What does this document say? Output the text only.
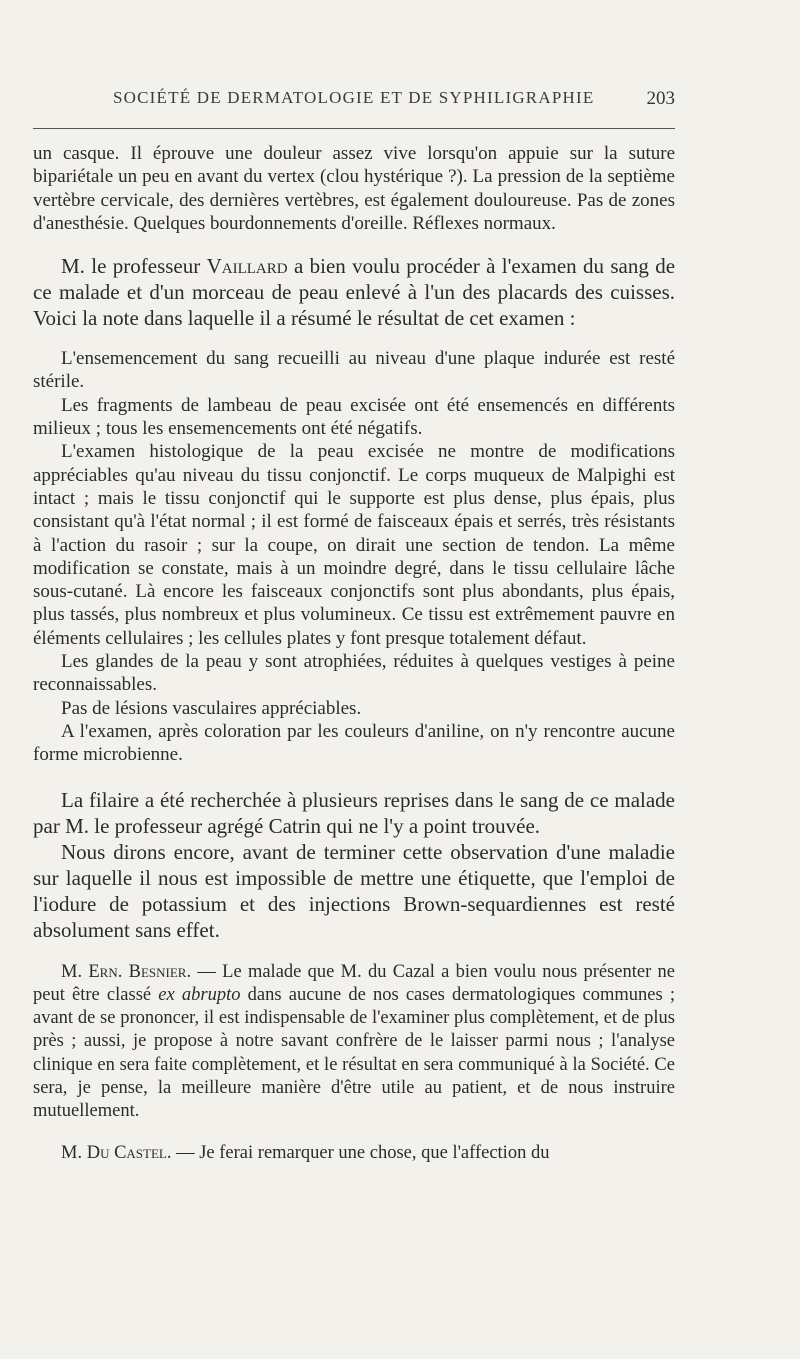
SOCIÉTÉ DE DERMATOLOGIE ET DE SYPHILIGRAPHIE	203

un casque. Il éprouve une douleur assez vive lorsqu'on appuie sur la suture bipariétale un peu en avant du vertex (clou hystérique ?). La pression de la septième vertèbre cervicale, des dernières vertèbres, est également douloureuse. Pas de zones d'anesthésie. Quelques bourdonnements d'oreille. Réflexes normaux.

M. le professeur Vaillard a bien voulu procéder à l'examen du sang de ce malade et d'un morceau de peau enlevé à l'un des placards des cuisses. Voici la note dans laquelle il a résumé le résultat de cet examen :

L'ensemencement du sang recueilli au niveau d'une plaque indurée est resté stérile.

Les fragments de lambeau de peau excisée ont été ensemencés en différents milieux ; tous les ensemencements ont été négatifs.

L'examen histologique de la peau excisée ne montre de modifications appréciables qu'au niveau du tissu conjonctif. Le corps muqueux de Malpighi est intact ; mais le tissu conjonctif qui le supporte est plus dense, plus épais, plus consistant qu'à l'état normal ; il est formé de faisceaux épais et serrés, très résistants à l'action du rasoir ; sur la coupe, on dirait une section de tendon. La même modification se constate, mais à un moindre degré, dans le tissu cellulaire lâche sous-cutané. Là encore les faisceaux conjonctifs sont plus abondants, plus épais, plus tassés, plus nombreux et plus volumineux. Ce tissu est extrêmement pauvre en éléments cellulaires ; les cellules plates y font presque totalement défaut.

Les glandes de la peau y sont atrophiées, réduites à quelques vestiges à peine reconnaissables.

Pas de lésions vasculaires appréciables.

A l'examen, après coloration par les couleurs d'aniline, on n'y rencontre aucune forme microbienne.

La filaire a été recherchée à plusieurs reprises dans le sang de ce malade par M. le professeur agrégé Catrin qui ne l'y a point trouvée.

Nous dirons encore, avant de terminer cette observation d'une maladie sur laquelle il nous est impossible de mettre une étiquette, que l'emploi de l'iodure de potassium et des injections Brown-sequardiennes est resté absolument sans effet.

M. Ern. Besnier. — Le malade que M. du Cazal a bien voulu nous présenter ne peut être classé ex abrupto dans aucune de nos cases dermatologiques communes ; avant de se prononcer, il est indispensable de l'examiner plus complètement, et de plus près ; aussi, je propose à notre savant confrère de le laisser parmi nous ; l'analyse clinique en sera faite complètement, et le résultat en sera communiqué à la Société. Ce sera, je pense, la meilleure manière d'être utile au patient, et de nous instruire mutuellement.

M. Du Castel. — Je ferai remarquer une chose, que l'affection du
